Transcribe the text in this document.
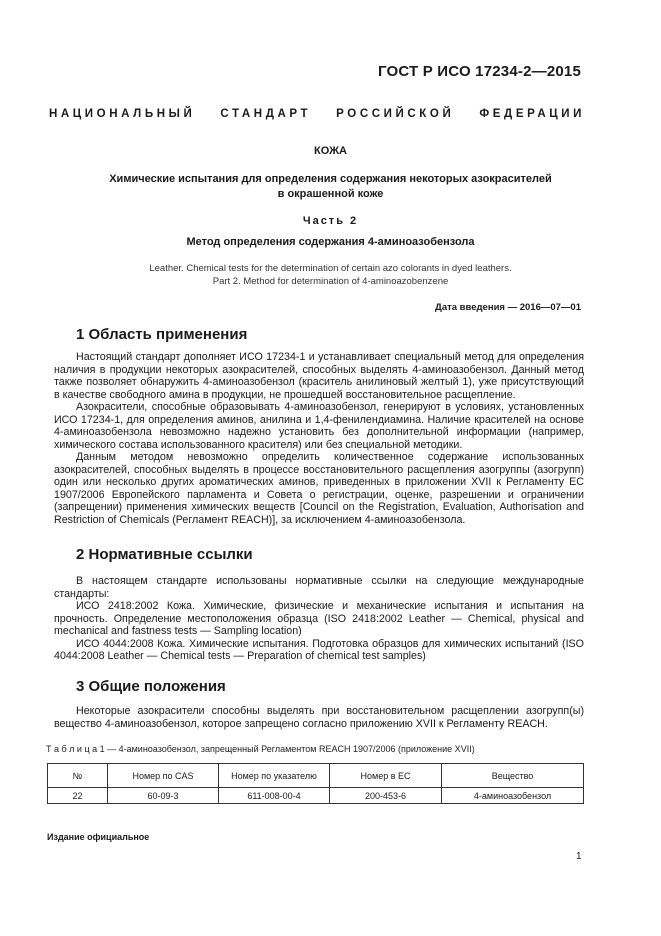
ГОСТ Р ИСО 17234-2—2015
НАЦИОНАЛЬНЫЙ СТАНДАРТ РОССИЙСКОЙ ФЕДЕРАЦИИ
КОЖА
Химические испытания для определения содержания некоторых азокрасителей
в окрашенной коже
Часть 2
Метод определения содержания 4-аминоазобензола
Leather. Chemical tests for the determination of certain azo colorants in dyed leathers.
Part 2. Method for determination of 4-aminoazobenzene
Дата введения — 2016—07—01
1 Область применения

Настоящий стандарт дополняет ИСО 17234-1 и устанавливает специальный метод для определения наличия в продукции некоторых азокрасителей, способных выделять 4-аминоазобензол. Данный метод также позволяет обнаружить 4-аминоазобензол (краситель анилиновый желтый 1), уже присутствующий в качестве свободного амина в продукции, не прошедшей восстановительное расщепление.

Азокрасители, способные образовывать 4-аминоазобензол, генерируют в условиях, установленных ИСО 17234-1, для определения аминов, анилина и 1,4-фенилендиамина. Наличие красителей на основе 4-аминоазобензола невозможно надежно установить без дополнительной информации (например, химического состава использованного красителя) или без специальной методики.

Данным методом невозможно определить количественное содержание использованных азокрасителей, способных выделять в процессе восстановительного расщепления азогруппы (азогрупп) один или несколько других ароматических аминов, приведенных в приложении XVII к Регламенту ЕС 1907/2006 Европейского парламента и Совета о регистрации, оценке, разрешении и ограничении (запрещении) применения химических веществ [Council on the Registration, Evaluation, Authorisation and Restriction of Chemicals (Регламент REACH)], за исключением 4-аминоазобензола.

2 Нормативные ссылки

В настоящем стандарте использованы нормативные ссылки на следующие международные стандарты:

ИСО 2418:2002 Кожа. Химические, физические и механические испытания и испытания на прочность. Определение местоположения образца (ISO 2418:2002 Leather — Chemical, physical and mechanical and fastness tests — Sampling location)

ИСО 4044:2008 Кожа. Химические испытания. Подготовка образцов для химических испытаний (ISO 4044:2008 Leather — Chemical tests — Preparation of chemical test samples)

3 Общие положения

Некоторые азокрасители способны выделять при восстановительном расщеплении азогрупп(ы) вещество 4-аминоазобензол, которое запрещено согласно приложению XVII к Регламенту REACH.

Т а б л и ц а 1 — 4-аминоазобензол, запрещенный Регламентом REACH 1907/2006 (приложение XVII)
№	Номер по CAS	Номер по указателю	Номер в ЕС	Вещество
22	60-09-3	611-008-00-4	200-453-6	4-аминоазобензол
Издание официальное
1
